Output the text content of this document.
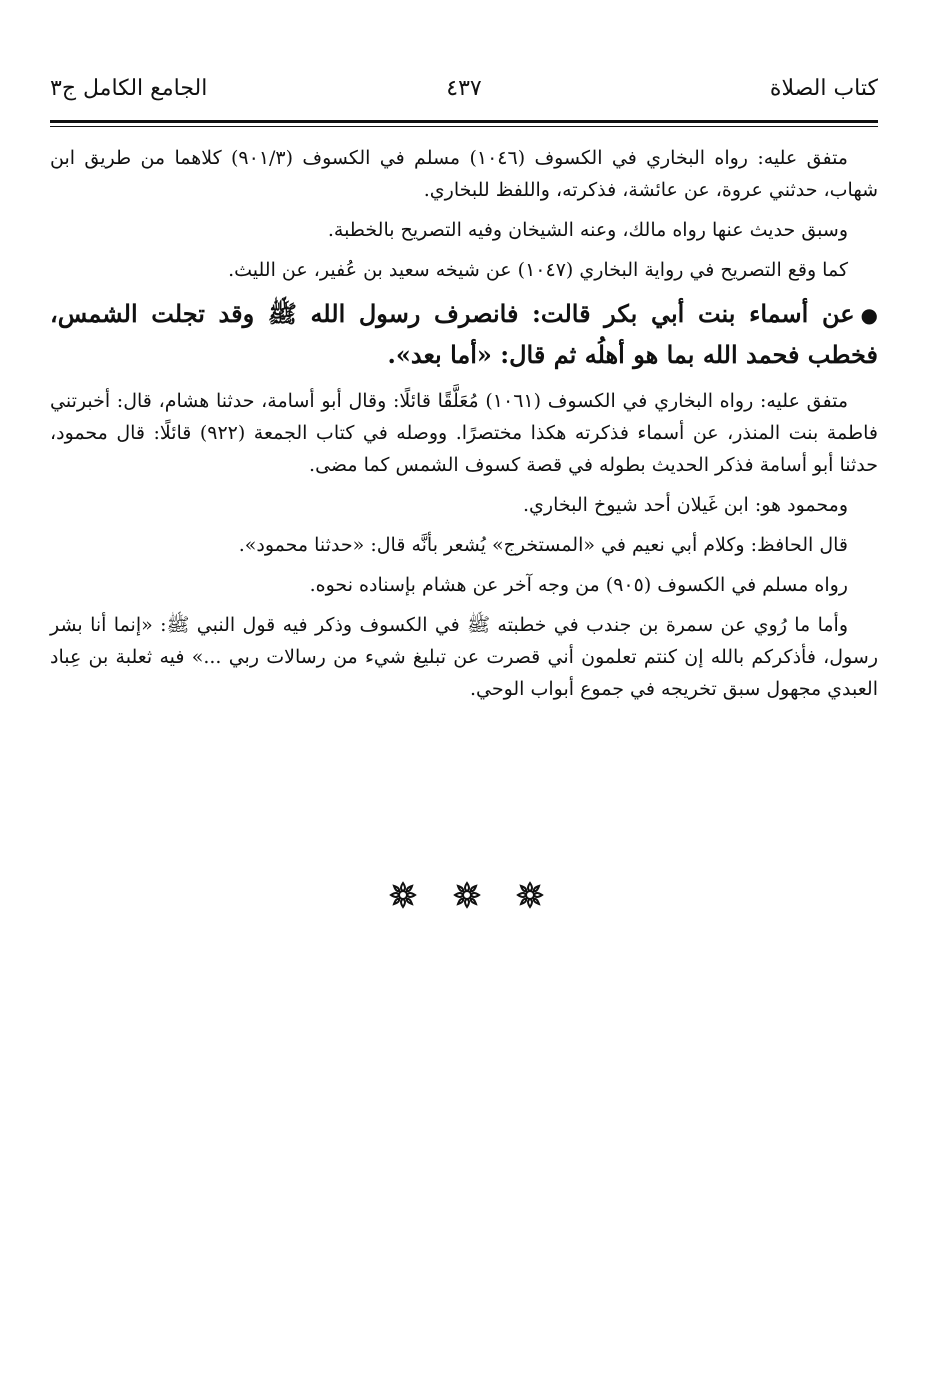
كتاب الصلاة
٤٣٧
الجامع الكامل ج٣

متفق عليه: رواه البخاري في الكسوف (١٠٤٦) مسلم في الكسوف (٩٠١/٣) كلاهما من طريق ابن شهاب، حدثني عروة، عن عائشة، فذكرته، واللفظ للبخاري.

وسبق حديث عنها رواه مالك، وعنه الشيخان وفيه التصريح بالخطبة.

كما وقع التصريح في رواية البخاري (١٠٤٧) عن شيخه سعيد بن عُفير، عن الليث.

●عن أسماء بنت أبي بكر قالت: فانصرف رسول الله ﷺ وقد تجلت الشمس، فخطب فحمد الله بما هو أهلُه ثم قال: «أما بعد».

متفق عليه: رواه البخاري في الكسوف (١٠٦١) مُعَلَّقًا قائلًا: وقال أبو أسامة، حدثنا هشام، قال: أخبرتني فاطمة بنت المنذر، عن أسماء فذكرته هكذا مختصرًا. ووصله في كتاب الجمعة (٩٢٢) قائلًا: قال محمود، حدثنا أبو أسامة فذكر الحديث بطوله في قصة كسوف الشمس كما مضى.

ومحمود هو: ابن غَيلان أحد شيوخ البخاري.

قال الحافظ: وكلام أبي نعيم في «المستخرج» يُشعر بأنَّه قال: «حدثنا محمود».

رواه مسلم في الكسوف (٩٠٥) من وجه آخر عن هشام بإسناده نحوه.

وأما ما رُوي عن سمرة بن جندب في خطبته ﷺ في الكسوف وذكر فيه قول النبي ﷺ: «إنما أنا بشر رسول، فأذكركم بالله إن كنتم تعلمون أني قصرت عن تبليغ شيء من رسالات ربي ...» فيه ثعلبة بن عِباد العبدي مجهول سبق تخريجه في جموع أبواب الوحي.
